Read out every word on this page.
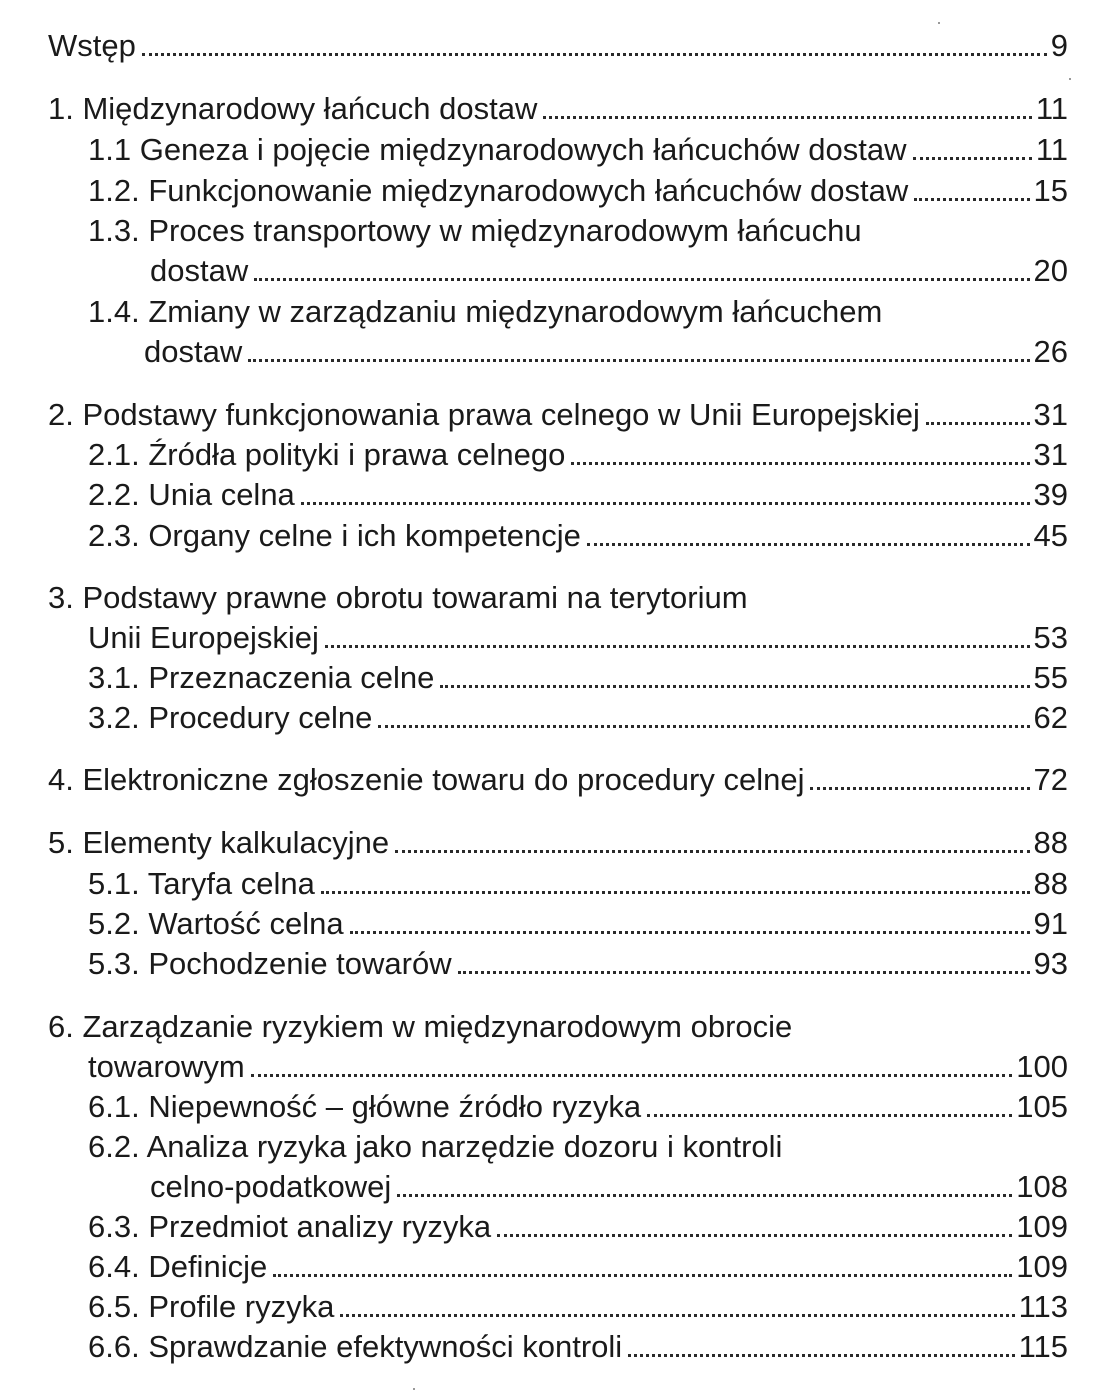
Wstęp	9
1. Międzynarodowy łańcuch dostaw	11
1.1 Geneza i pojęcie międzynarodowych łańcuchów dostaw	11
1.2. Funkcjonowanie międzynarodowych łańcuchów dostaw	15
1.3. Proces transportowy w międzynarodowym łańcuchu
dostaw	20
1.4. Zmiany w zarządzaniu międzynarodowym łańcuchem
dostaw	26
2. Podstawy funkcjonowania prawa celnego w Unii Europejskiej	31
2.1. Źródła polityki i prawa celnego	31
2.2. Unia celna	39
2.3. Organy celne i ich kompetencje	45
3. Podstawy prawne obrotu towarami na terytorium
Unii Europejskiej	53
3.1. Przeznaczenia celne	55
3.2. Procedury celne	62
4. Elektroniczne zgłoszenie towaru do procedury celnej	72
5. Elementy kalkulacyjne	88
5.1. Taryfa celna	88
5.2. Wartość celna	91
5.3. Pochodzenie towarów	93
6. Zarządzanie ryzykiem w międzynarodowym obrocie
towarowym	100
6.1. Niepewność – główne źródło ryzyka	105
6.2. Analiza ryzyka jako narzędzie dozoru i kontroli
celno-podatkowej	108
6.3. Przedmiot analizy ryzyka	109
6.4. Definicje	109
6.5. Profile ryzyka	113
6.6. Sprawdzanie efektywności kontroli	115
